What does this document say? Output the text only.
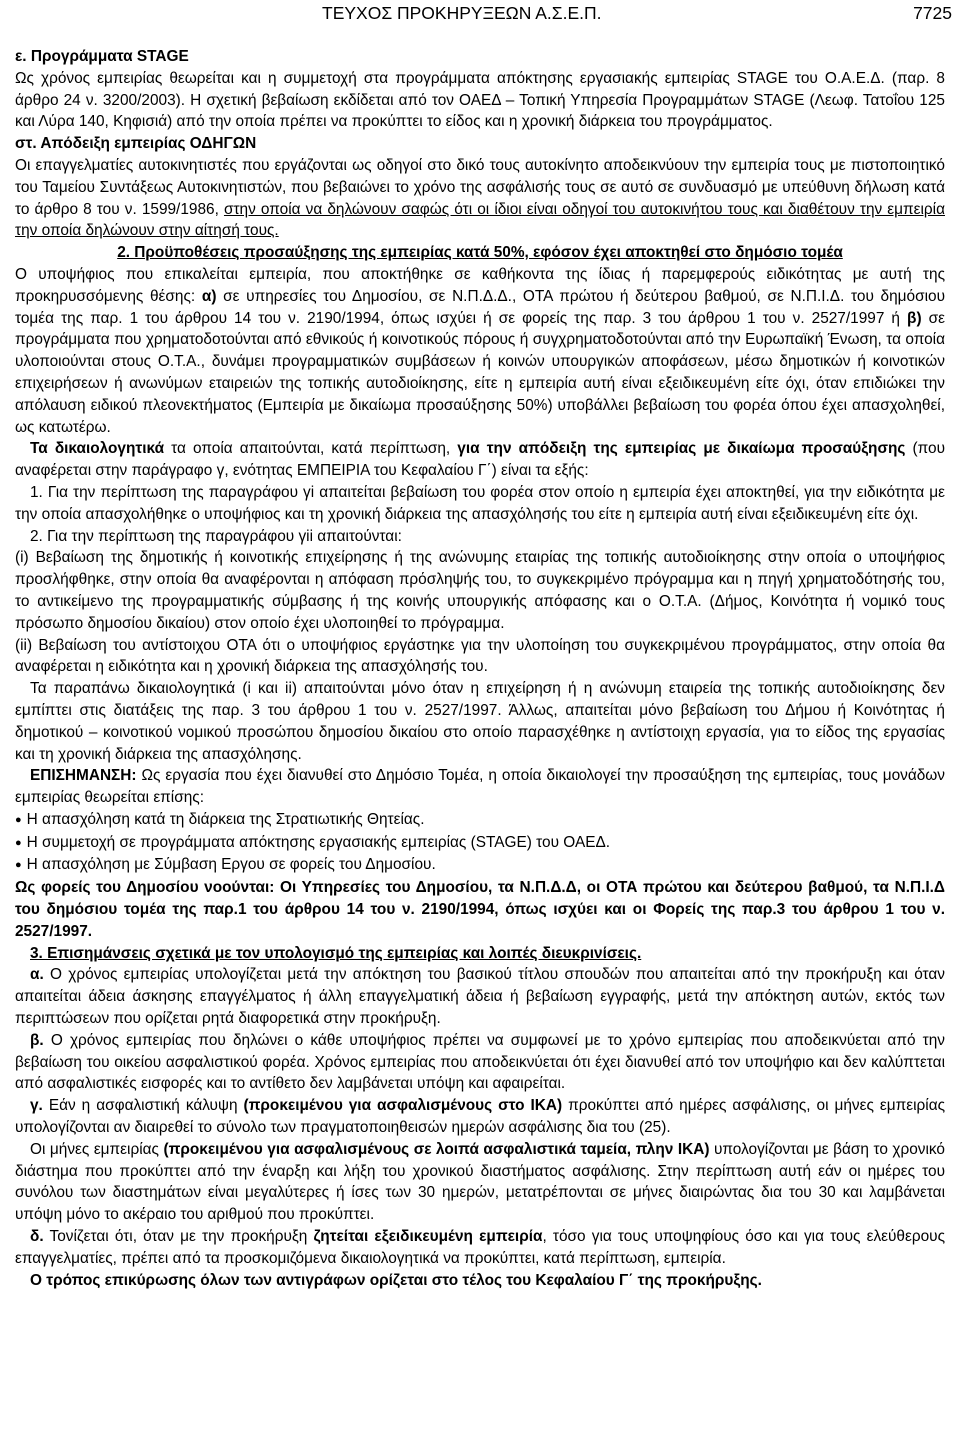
ΤΕΥΧΟΣ ΠΡΟΚΗΡΥΞΕΩΝ Α.Σ.Ε.Π.	7725

ε. Προγράμματα STAGE

Ως χρόνος εμπειρίας θεωρείται και η συμμετοχή στα προγράμματα απόκτησης εργασιακής εμπειρίας STAGE του Ο.Α.Ε.Δ. (παρ. 8 άρθρο 24 ν. 3200/2003). Η σχετική βεβαίωση εκδίδεται από τον ΟΑΕΔ – Τοπική Υπηρεσία Προγραμμάτων STAGE (Λεωφ. Τατοΐου 125 και Λύρα 140, Κηφισιά) από την οποία πρέπει να προκύπτει το είδος και η χρονική διάρκεια του προγράμματος.

στ. Απόδειξη εμπειρίας ΟΔΗΓΩΝ

Οι επαγγελματίες αυτοκινητιστές που εργάζονται ως οδηγοί στο δικό τους αυτοκίνητο αποδεικνύουν την εμπειρία τους με πιστοποιητικό του Ταμείου Συντάξεως Αυτοκινητιστών, που βεβαιώνει το χρόνο της ασφάλισής τους σε αυτό σε συνδυασμό με υπεύθυνη δήλωση κατά το άρθρο 8 του ν. 1599/1986, στην οποία να δηλώνουν σαφώς ότι οι ίδιοι είναι οδηγοί του αυτοκινήτου τους και διαθέτουν την εμπειρία την οποία δηλώνουν στην αίτησή τους.

2. Προϋποθέσεις προσαύξησης της εμπειρίας κατά 50%, εφόσον έχει αποκτηθεί στο δημόσιο τομέα

Ο υποψήφιος που επικαλείται εμπειρία, που αποκτήθηκε σε καθήκοντα της ίδιας ή παρεμφερούς ειδικότητας με αυτή της προκηρυσσόμενης θέσης: α) σε υπηρεσίες του Δημοσίου, σε Ν.Π.Δ.Δ., ΟΤΑ πρώτου ή δεύτερου βαθμού, σε Ν.Π.Ι.Δ. του δημόσιου τομέα της παρ. 1 του άρθρου 14 του ν. 2190/1994, όπως ισχύει ή σε φορείς της παρ. 3 του άρθρου 1 του ν. 2527/1997 ή β) σε προγράμματα που χρηματοδοτούνται από εθνικούς ή κοινοτικούς πόρους ή συγχρηματοδοτούνται από την Ευρωπαϊκή Ένωση, τα οποία υλοποιούνται στους Ο.Τ.Α., δυνάμει προγραμματικών συμβάσεων ή κοινών υπουργικών αποφάσεων, μέσω δημοτικών ή κοινοτικών επιχειρήσεων ή ανωνύμων εταιρειών της τοπικής αυτοδιοίκησης, είτε η εμπειρία αυτή είναι εξειδικευμένη είτε όχι, όταν επιδιώκει την απόλαυση ειδικού πλεονεκτήματος (Εμπειρία με δικαίωμα προσαύξησης 50%) υποβάλλει βεβαίωση του φορέα όπου έχει απασχοληθεί, ως κατωτέρω.

Τα δικαιολογητικά τα οποία απαιτούνται, κατά περίπτωση, για την απόδειξη της εμπειρίας με δικαίωμα προσαύξησης (που αναφέρεται στην παράγραφο γ, ενότητας ΕΜΠΕΙΡΙΑ του Κεφαλαίου Γ΄) είναι τα εξής:

1. Για την περίπτωση της παραγράφου γi απαιτείται βεβαίωση του φορέα στον οποίο η εμπειρία έχει αποκτηθεί, για την ειδικότητα με την οποία απασχολήθηκε ο υποψήφιος και τη χρονική διάρκεια της απασχόλησής του είτε η εμπειρία αυτή είναι εξειδικευμένη είτε όχι.

2. Για την περίπτωση της παραγράφου γii απαιτούνται:

(i) Βεβαίωση της δημοτικής ή κοινοτικής επιχείρησης ή της ανώνυμης εταιρίας της τοπικής αυτοδιοίκησης στην οποία ο υποψήφιος προσλήφθηκε, στην οποία θα αναφέρονται η απόφαση πρόσληψής του, το συγκεκριμένο πρόγραμμα και η πηγή χρηματοδότησής του, το αντικείμενο της προγραμματικής σύμβασης ή της κοινής υπουργικής απόφασης και ο Ο.Τ.Α. (Δήμος, Κοινότητα ή νομικό τους πρόσωπο δημοσίου δικαίου) στον οποίο έχει υλοποιηθεί το πρόγραμμα.

(ii) Βεβαίωση του αντίστοιχου ΟΤΑ ότι ο υποψήφιος εργάστηκε για την υλοποίηση του συγκεκριμένου προγράμματος, στην οποία θα αναφέρεται η ειδικότητα και η χρονική διάρκεια της απασχόλησής του.

Τα παραπάνω δικαιολογητικά (i και ii) απαιτούνται μόνο όταν η επιχείρηση ή η ανώνυμη εταιρεία της τοπικής αυτοδιοίκησης δεν εμπίπτει στις διατάξεις της παρ. 3 του άρθρου 1 του ν. 2527/1997. Άλλως, απαιτείται μόνο βεβαίωση του Δήμου ή Κοινότητας ή δημοτικού – κοινοτικού νομικού προσώπου δημοσίου δικαίου στο οποίο παρασχέθηκε η αντίστοιχη εργασία, για το είδος της εργασίας και τη χρονική διάρκεια της απασχόλησης.

ΕΠΙΣΗΜΑΝΣΗ: Ως εργασία που έχει διανυθεί στο Δημόσιο Τομέα, η οποία δικαιολογεί την προσαύξηση της εμπειρίας, τους μονάδων εμπειρίας θεωρείται επίσης:

● Η απασχόληση κατά τη διάρκεια της Στρατιωτικής Θητείας.

● Η συμμετοχή σε προγράμματα απόκτησης εργασιακής εμπειρίας (STAGE) του ΟΑΕΔ.

● Η απασχόληση με Σύμβαση Εργου σε φορείς του Δημοσίου.

Ως φορείς του Δημοσίου νοούνται: Οι Υπηρεσίες του Δημοσίου, τα Ν.Π.Δ.Δ, οι ΟΤΑ πρώτου και δεύτερου βαθμού, τα Ν.Π.Ι.Δ του δημόσιου τομέα της παρ.1 του άρθρου 14 του ν. 2190/1994, όπως ισχύει και οι Φορείς της παρ.3 του άρθρου 1 του ν. 2527/1997.

3. Επισημάνσεις σχετικά με τον υπολογισμό της εμπειρίας και λοιπές διευκρινίσεις.

α. Ο χρόνος εμπειρίας υπολογίζεται μετά την απόκτηση του βασικού τίτλου σπουδών που απαιτείται από την προκήρυξη και όταν απαιτείται άδεια άσκησης επαγγέλματος ή άλλη επαγγελματική άδεια ή βεβαίωση εγγραφής, μετά την απόκτηση αυτών, εκτός των περιπτώσεων που ορίζεται ρητά διαφορετικά στην προκήρυξη.

β. Ο χρόνος εμπειρίας που δηλώνει ο κάθε υποψήφιος πρέπει να συμφωνεί με το χρόνο εμπειρίας που αποδεικνύεται από την βεβαίωση του οικείου ασφαλιστικού φορέα. Χρόνος εμπειρίας που αποδεικνύεται ότι έχει διανυθεί από τον υποψήφιο και δεν καλύπτεται από ασφαλιστικές εισφορές και το αντίθετο δεν λαμβάνεται υπόψη και αφαιρείται.

γ. Εάν η ασφαλιστική κάλυψη (προκειμένου για ασφαλισμένους στο ΙΚΑ) προκύπτει από ημέρες ασφάλισης, οι μήνες εμπειρίας υπολογίζονται αν διαιρεθεί το σύνολο των πραγματοποιηθεισών ημερών ασφάλισης δια του (25).

Οι μήνες εμπειρίας (προκειμένου για ασφαλισμένους σε λοιπά ασφαλιστικά ταμεία, πλην ΙΚΑ) υπολογίζονται με βάση το χρονικό διάστημα που προκύπτει από την έναρξη και λήξη του χρονικού διαστήματος ασφάλισης. Στην περίπτωση αυτή εάν οι ημέρες του συνόλου των διαστημάτων είναι μεγαλύτερες ή ίσες των 30 ημερών, μετατρέπονται σε μήνες διαιρώντας δια του 30 και λαμβάνεται υπόψη μόνο το ακέραιο του αριθμού που προκύπτει.

δ. Τονίζεται ότι, όταν με την προκήρυξη ζητείται εξειδικευμένη εμπειρία, τόσο για τους υποψηφίους όσο και για τους ελεύθερους επαγγελματίες, πρέπει από τα προσκομιζόμενα δικαιολογητικά να προκύπτει, κατά περίπτωση, εμπειρία.

Ο τρόπος επικύρωσης όλων των αντιγράφων ορίζεται στο τέλος του Κεφαλαίου Γ΄ της προκήρυξης.
